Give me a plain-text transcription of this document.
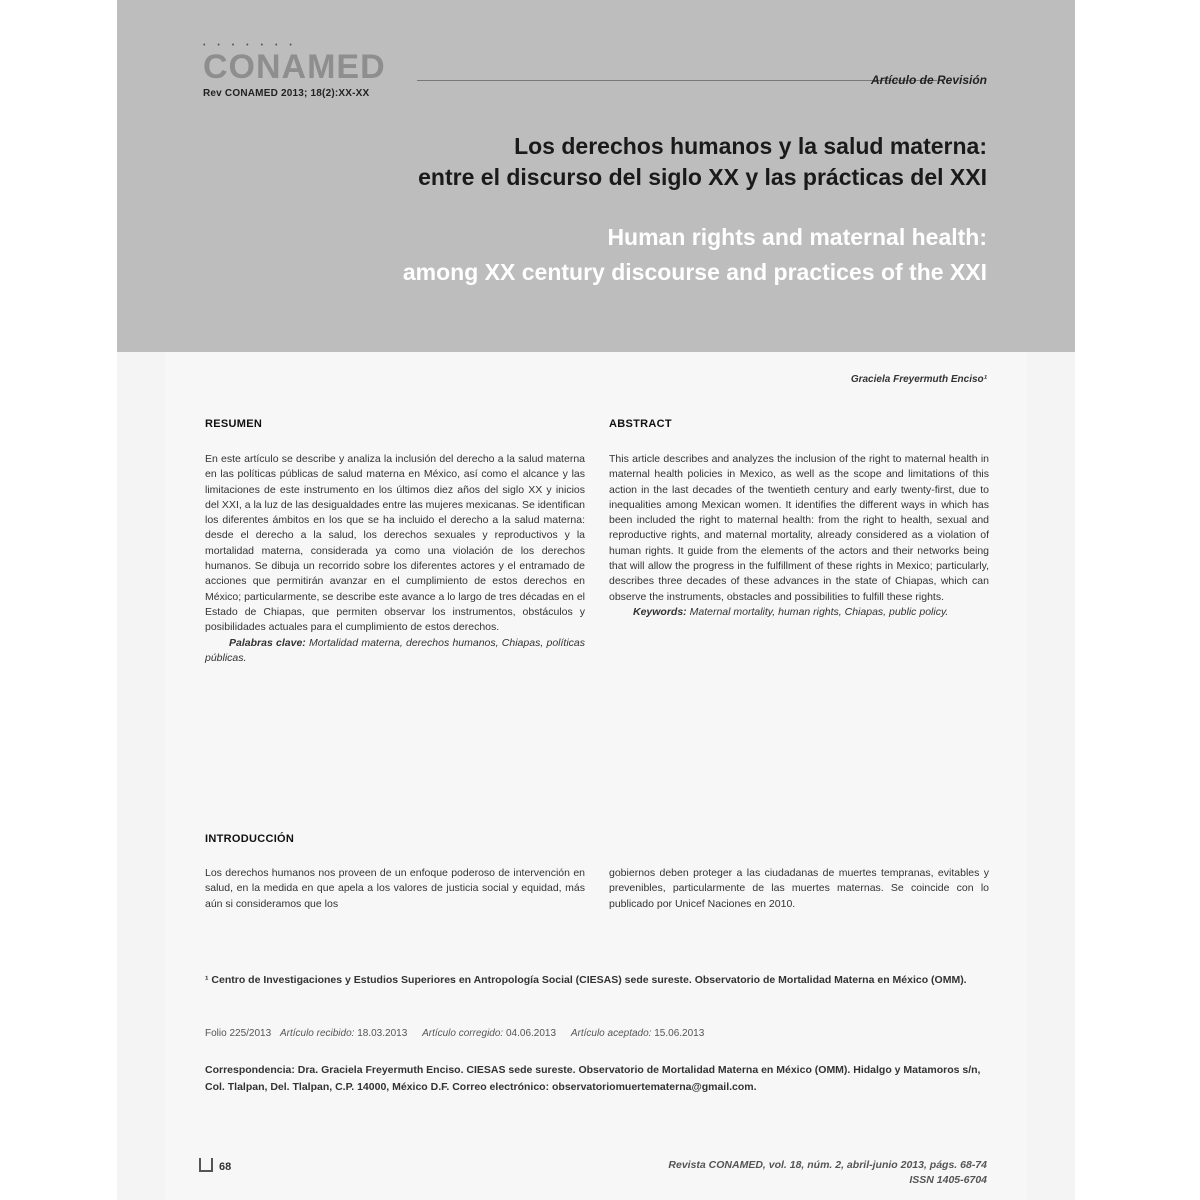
• • • • • • •
CONAMED
Rev CONAMED 2013; 18(2):XX-XX
Artículo de Revisión
Los derechos humanos y la salud materna:
entre el discurso del siglo XX y las prácticas del XXI
Human rights and maternal health:
among XX century discourse and practices of the XXI
Graciela Freyermuth Enciso¹
RESUMEN

En este artículo se describe y analiza la inclusión del derecho a la salud materna en las políticas públicas de salud materna en México, así como el alcance y las limitaciones de este instrumento en los últimos diez años del siglo XX y inicios del XXI, a la luz de las desigualdades entre las mujeres mexicanas. Se identifican los diferentes ámbitos en los que se ha incluido el derecho a la salud materna: desde el derecho a la salud, los derechos sexuales y reproductivos y la mortalidad materna, considerada ya como una violación de los derechos humanos. Se dibuja un recorrido sobre los diferentes actores y el entramado de acciones que permitirán avanzar en el cumplimiento de estos derechos en México; particularmente, se describe este avance a lo largo de tres décadas en el Estado de Chiapas, que permiten observar los instrumentos, obstáculos y posibilidades actuales para el cumplimiento de estos derechos.

Palabras clave: Mortalidad materna, derechos humanos, Chiapas, políticas públicas.

ABSTRACT

This article describes and analyzes the inclusion of the right to maternal health in maternal health policies in Mexico, as well as the scope and limitations of this action in the last decades of the twentieth century and early twenty-first, due to inequalities among Mexican women. It identifies the different ways in which has been included the right to maternal health: from the right to health, sexual and reproductive rights, and maternal mortality, already considered as a violation of human rights. It guide from the elements of the actors and their networks being that will allow the progress in the fulfillment of these rights in Mexico; particularly, describes three decades of these advances in the state of Chiapas, which can observe the instruments, obstacles and possibilities to fulfill these rights.

Keywords: Maternal mortality, human rights, Chiapas, public policy.

INTRODUCCIÓN

Los derechos humanos nos proveen de un enfoque poderoso de intervención en salud, en la medida en que apela a los valores de justicia social y equidad, más aún si consideramos que los

gobiernos deben proteger a las ciudadanas de muertes tempranas, evitables y prevenibles, particularmente de las muertes maternas. Se coincide con lo publicado por Unicef Naciones en 2010.

¹ Centro de Investigaciones y Estudios Superiores en Antropología Social (CIESAS) sede sureste. Observatorio de Mortalidad Materna en México (OMM).
Folio 225/2013 Artículo recibido: 18.03.2013 Artículo corregido: 04.06.2013 Artículo aceptado: 15.06.2013
Correspondencia: Dra. Graciela Freyermuth Enciso. CIESAS sede sureste. Observatorio de Mortalidad Materna en México (OMM). Hidalgo y Matamoros s/n, Col. Tlalpan, Del. Tlalpan, C.P. 14000, México D.F. Correo electrónico: observatoriomuertematerna@gmail.com.
68	Revista CONAMED, vol. 18, núm. 2, abril-junio 2013, págs. 68-74
ISSN 1405-6704
